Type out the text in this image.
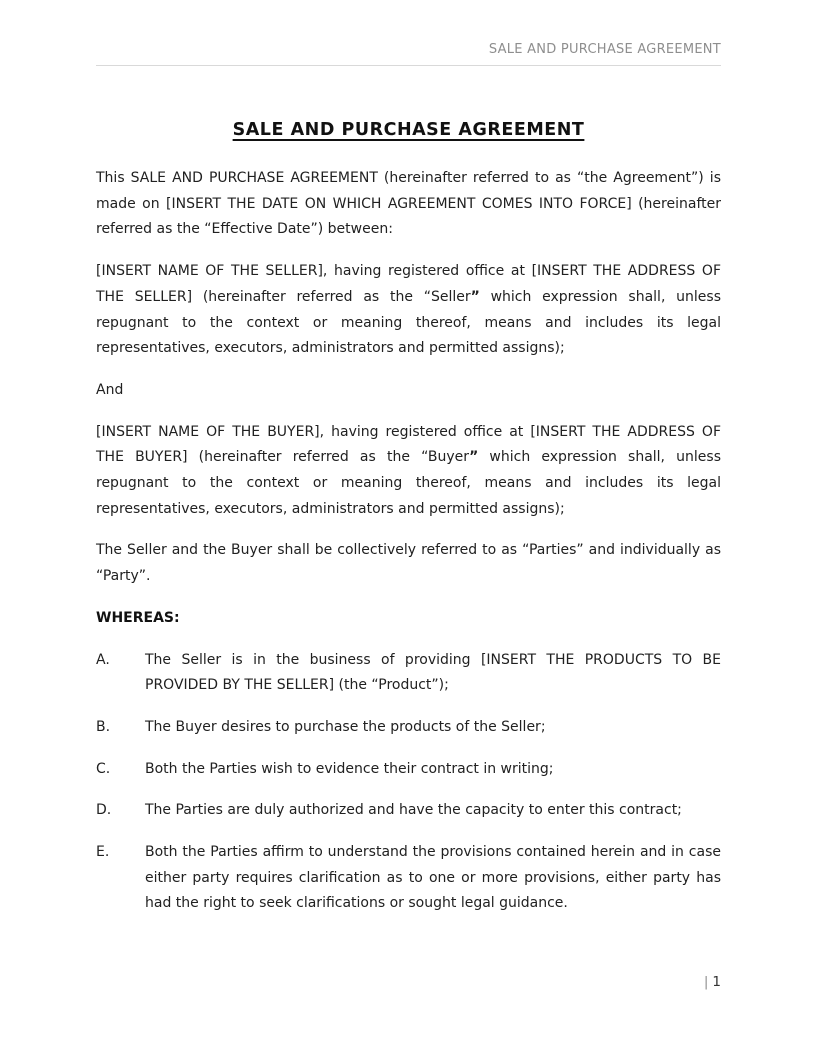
SALE AND PURCHASE AGREEMENT
SALE AND PURCHASE AGREEMENT

This SALE AND PURCHASE AGREEMENT (hereinafter referred to as “the Agreement”) is made on [INSERT THE DATE ON WHICH AGREEMENT COMES INTO FORCE] (hereinafter referred as the “Effective Date”) between:

[INSERT NAME OF THE SELLER], having registered office at [INSERT THE ADDRESS OF THE SELLER] (hereinafter referred as the “Seller” which expression shall, unless repugnant to the context or meaning thereof, means and includes its legal representatives, executors, administrators and permitted assigns);

And

[INSERT NAME OF THE BUYER], having registered office at [INSERT THE ADDRESS OF THE BUYER] (hereinafter referred as the “Buyer” which expression shall, unless repugnant to the context or meaning thereof, means and includes its legal representatives, executors, administrators and permitted assigns);

The Seller and the Buyer shall be collectively referred to as “Parties” and individually as “Party”.

WHEREAS:

A.	The Seller is in the business of providing [INSERT THE PRODUCTS TO BE PROVIDED BY THE SELLER] (the “Product”);
B.	The Buyer desires to purchase the products of the Seller;
C.	Both the Parties wish to evidence their contract in writing;
D.	The Parties are duly authorized and have the capacity to enter this contract;
E.	Both the Parties affirm to understand the provisions contained herein and in case either party requires clarification as to one or more provisions, either party has had the right to seek clarifications or sought legal guidance.
| 1
